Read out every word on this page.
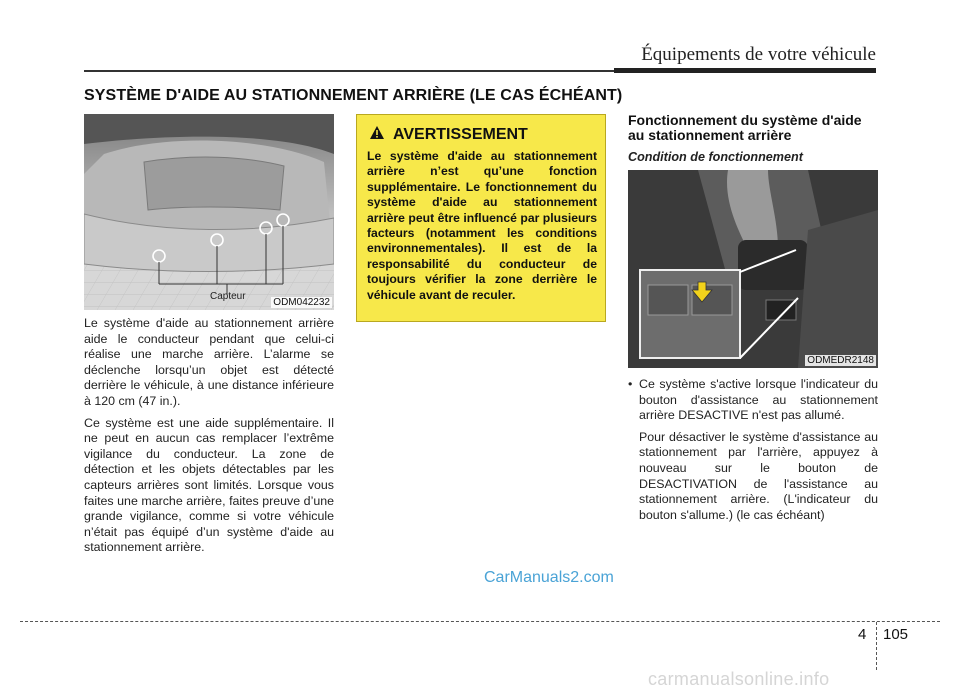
Équipements de votre véhicule
SYSTÈME D'AIDE AU STATIONNEMENT ARRIÈRE (LE CAS ÉCHÉANT)
Capteur
ODM042232

Le système d'aide au stationnement arrière aide le conducteur pendant que celui-ci réalise une marche arrière. L’alarme se déclenche lorsqu’un objet est détecté derrière le véhicule, à une distance inférieure à 120 cm (47 in.).

Ce système est une aide supplémentaire. Il ne peut en aucun cas remplacer l’extrême vigilance du conducteur. La zone de détection et les objets détectables par les capteurs arrières sont limités. Lorsque vous faites une marche arrière, faites preuve d’une grande vigilance, comme si votre véhicule n’était pas équipé d’un système d'aide au stationnement arrière.

AVERTISSEMENT
Le système d'aide au stationnement arrière n’est qu’une fonction supplémentaire. Le fonctionnement du système d'aide au stationnement arrière peut être influencé par plusieurs facteurs (notamment les conditions environnementales). Il est de la responsabilité du conducteur de toujours vérifier la zone derrière le véhicule avant de reculer.
Fonctionnement du système d'aide au stationnement arrière
Condition de fonctionnement
ODMEDR2148
• Ce système s'active lorsque l'indicateur du bouton d'assistance au stationnement arrière DESACTIVE n'est pas allumé.

Pour désactiver le système d'assistance au stationnement par l'arrière, appuyez à nouveau sur le bouton de DESACTIVATION de l'assistance au stationnement arrière. (L'indicateur du bouton s'allume.) (le cas échéant)

CarManuals2.com
4 105
carmanualsonline.info
